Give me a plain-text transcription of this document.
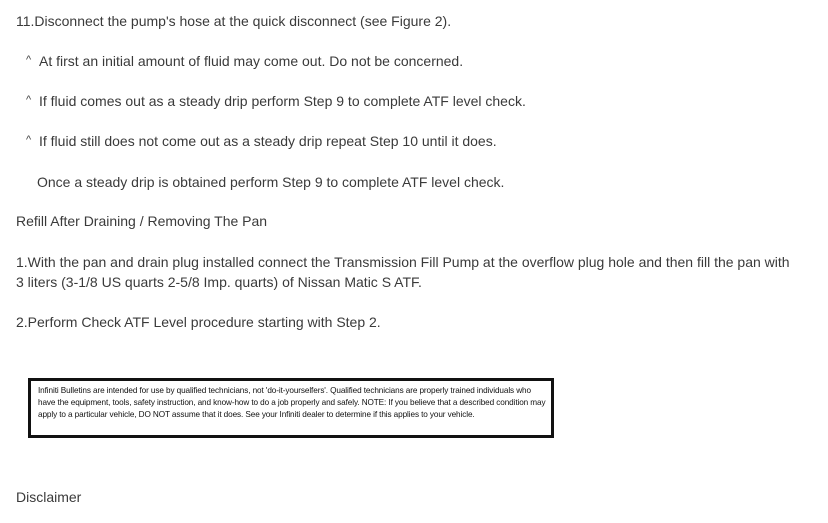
11.Disconnect the pump's hose at the quick disconnect (see Figure 2).
^ At first an initial amount of fluid may come out. Do not be concerned.
^ If fluid comes out as a steady drip perform Step 9 to complete ATF level check.
^ If fluid still does not come out as a steady drip repeat Step 10 until it does.
Once a steady drip is obtained perform Step 9 to complete ATF level check.
Refill After Draining / Removing The Pan
1.With the pan and drain plug installed connect the Transmission Fill Pump at the overflow plug hole and then fill the pan with 3 liters (3-1/8 US quarts 2-5/8 Imp. quarts) of Nissan Matic S ATF.
2.Perform Check ATF Level procedure starting with Step 2.
Infiniti Bulletins are intended for use by qualified technicians, not 'do-it-yourselfers'. Qualified technicians are properly trained individuals who have the equipment, tools, safety instruction, and know-how to do a job properly and safely. NOTE: If you believe that a described condition may apply to a particular vehicle, DO NOT assume that it does. See your Infiniti dealer to determine if this applies to your vehicle.
Disclaimer
